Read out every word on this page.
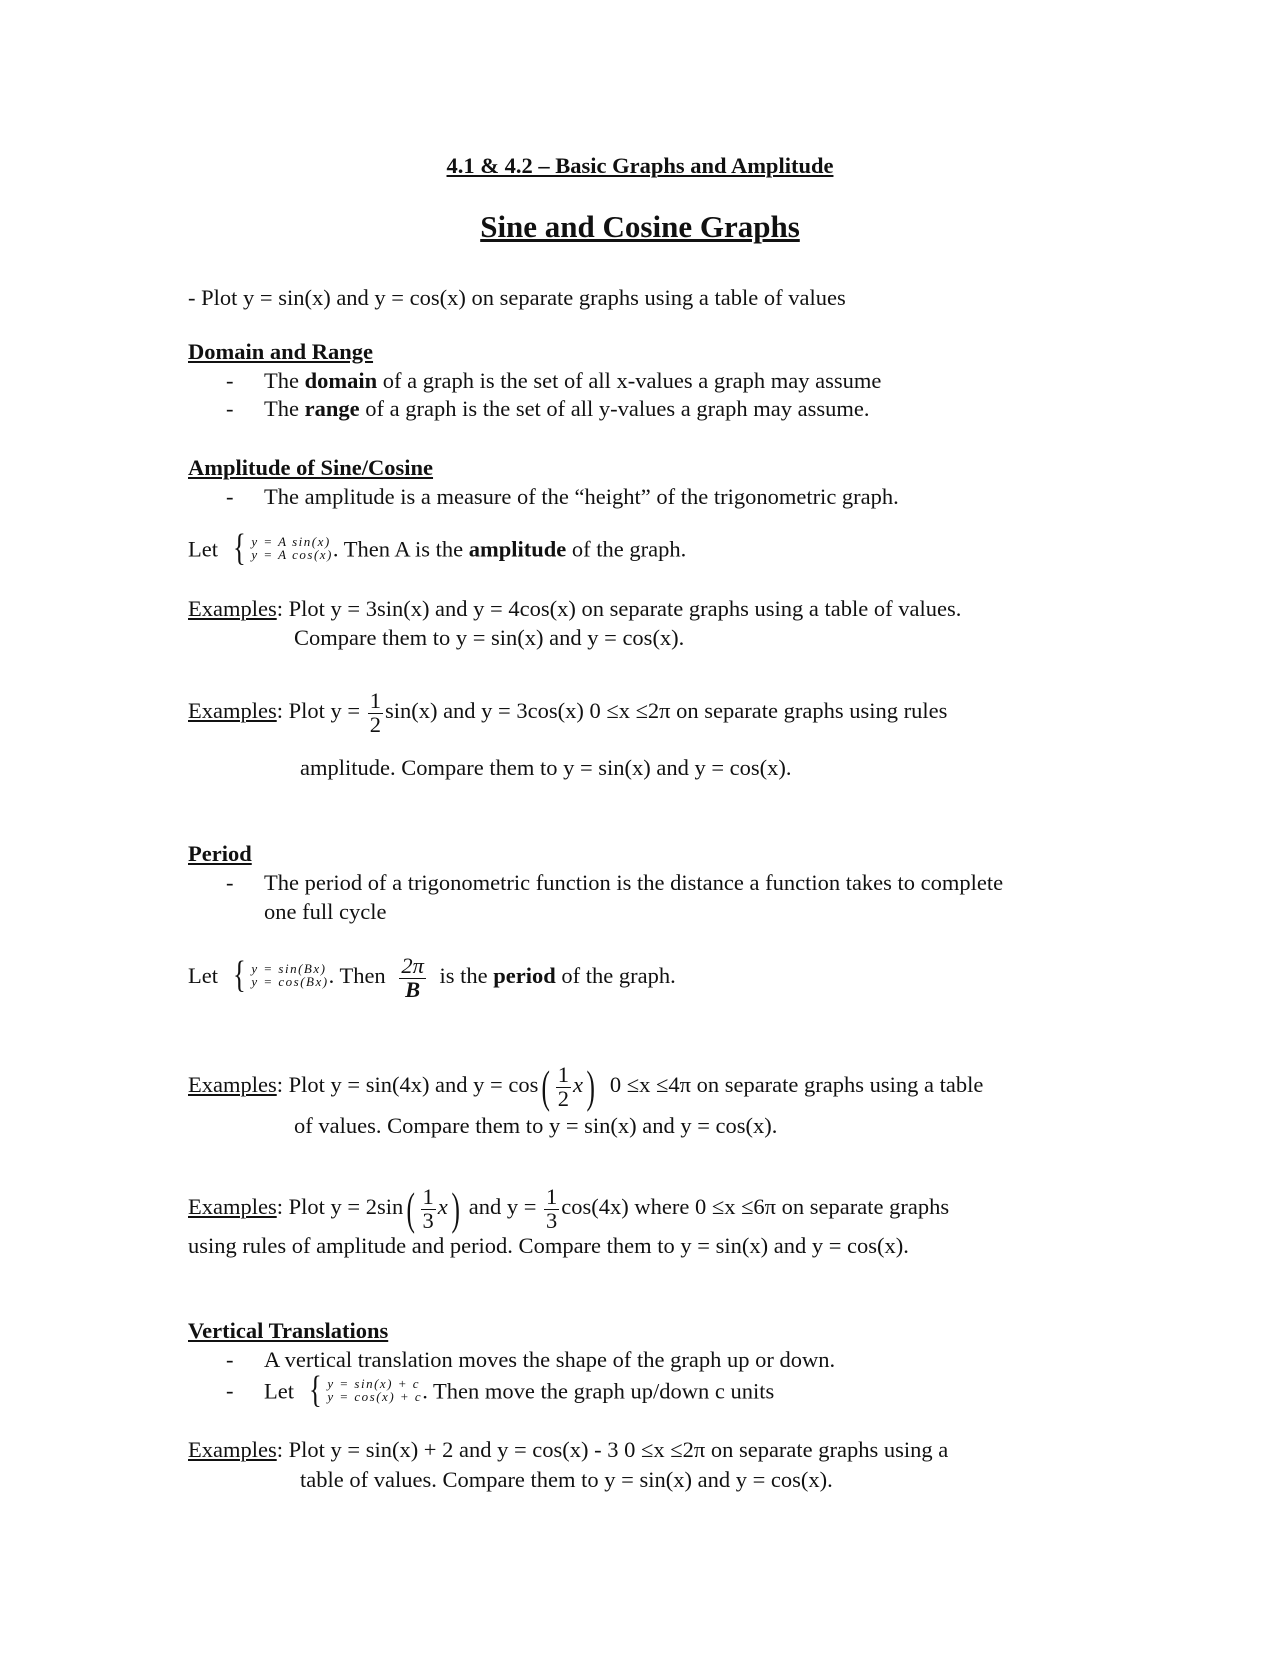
4.1 & 4.2 – Basic Graphs and Amplitude
Sine and Cosine Graphs
- Plot y = sin(x) and y = cos(x) on separate graphs using a table of values
Domain and Range
- The domain of a graph is the set of all x-values a graph may assume
- The range of a graph is the set of all y-values a graph may assume.
Amplitude of Sine/Cosine
- The amplitude is a measure of the “height” of the trigonometric graph.
Let { y = A sin(x)
y = A cos(x) . Then A is the amplitude of the graph.
Examples: Plot y = 3sin(x) and y = 4cos(x) on separate graphs using a table of values.
Compare them to y = sin(x) and y = cos(x).
Examples: Plot $y = \frac{1}{2} \sin(x)$ and y = 3cos(x) 0 ≤x ≤2π on separate graphs using rules
amplitude. Compare them to y = sin(x) and y = cos(x).
Period
- The period of a trigonometric function is the distance a function takes to complete
one full cycle
Let { y = sin(Bx)
y = cos(Bx) . Then $\frac{2\pi}{B}$ is the period of the graph.
Examples: Plot y = sin(4x) and $y = \cos( \frac{1}{2} x)$ 0 ≤x ≤4π on separate graphs using a table
of values. Compare them to y = sin(x) and y = cos(x).
Examples: Plot $y = 2\sin( \frac{1}{3} x)$ and $y = \frac{1}{3} \cos(4x)$ where 0 ≤x ≤6π on separate graphs
using rules of amplitude and period. Compare them to y = sin(x) and y = cos(x).
Vertical Translations
- A vertical translation moves the shape of the graph up or down.
- Let { y = sin(x) + c
y = cos(x) + c . Then move the graph up/down c units
Examples: Plot y = sin(x) + 2 and y = cos(x) - 3 0 ≤x ≤2π on separate graphs using a
table of values. Compare them to y = sin(x) and y = cos(x).
